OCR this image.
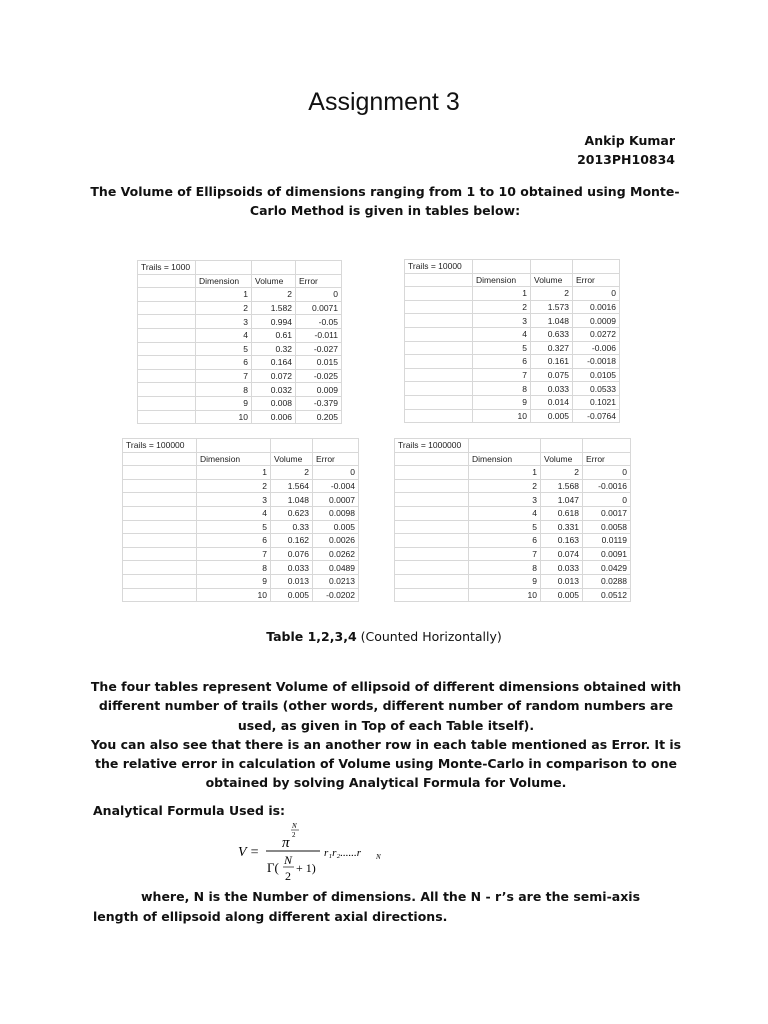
Assignment 3
Ankip Kumar
2013PH10834
The Volume of Ellipsoids of dimensions ranging from 1 to 10 obtained using Monte-Carlo Method is given in tables below:
Trails = 1000			
	Dimension	Volume	Error
	1	2	0
	2	1.582	0.0071
	3	0.994	-0.05
	4	0.61	-0.011
	5	0.32	-0.027
	6	0.164	0.015
	7	0.072	-0.025
	8	0.032	0.009
	9	0.008	-0.379
	10	0.006	0.205
Trails = 10000			
	Dimension	Volume	Error
	1	2	0
	2	1.573	0.0016
	3	1.048	0.0009
	4	0.633	0.0272
	5	0.327	-0.006
	6	0.161	-0.0018
	7	0.075	0.0105
	8	0.033	0.0533
	9	0.014	0.1021
	10	0.005	-0.0764
Trails = 100000			
	Dimension	Volume	Error
	1	2	0
	2	1.564	-0.004
	3	1.048	0.0007
	4	0.623	0.0098
	5	0.33	0.005
	6	0.162	0.0026
	7	0.076	0.0262
	8	0.033	0.0489
	9	0.013	0.0213
	10	0.005	-0.0202
Trails = 1000000			
	Dimension	Volume	Error
	1	2	0
	2	1.568	-0.0016
	3	1.047	0
	4	0.618	0.0017
	5	0.331	0.0058
	6	0.163	0.0119
	7	0.074	0.0091
	8	0.033	0.0429
	9	0.013	0.0288
	10	0.005	0.0512
Table 1,2,3,4 (Counted Horizontally)

The four tables represent Volume of ellipsoid of different dimensions obtained with different number of trails (other words, different number of random numbers are used, as given in Top of each Table itself).

You can also see that there is an another row in each table mentioned as Error. It is the relative error in calculation of Volume using Monte-Carlo in comparison to one obtained by solving Analytical Formula for Volume.

Analytical Formula Used is:
V =
π
N
2
Γ( N
2
+ 1)
r₁r₂......r N
where, N is the Number of dimensions. All the N - r’s are the semi-axis length of ellipsoid along different axial directions.
